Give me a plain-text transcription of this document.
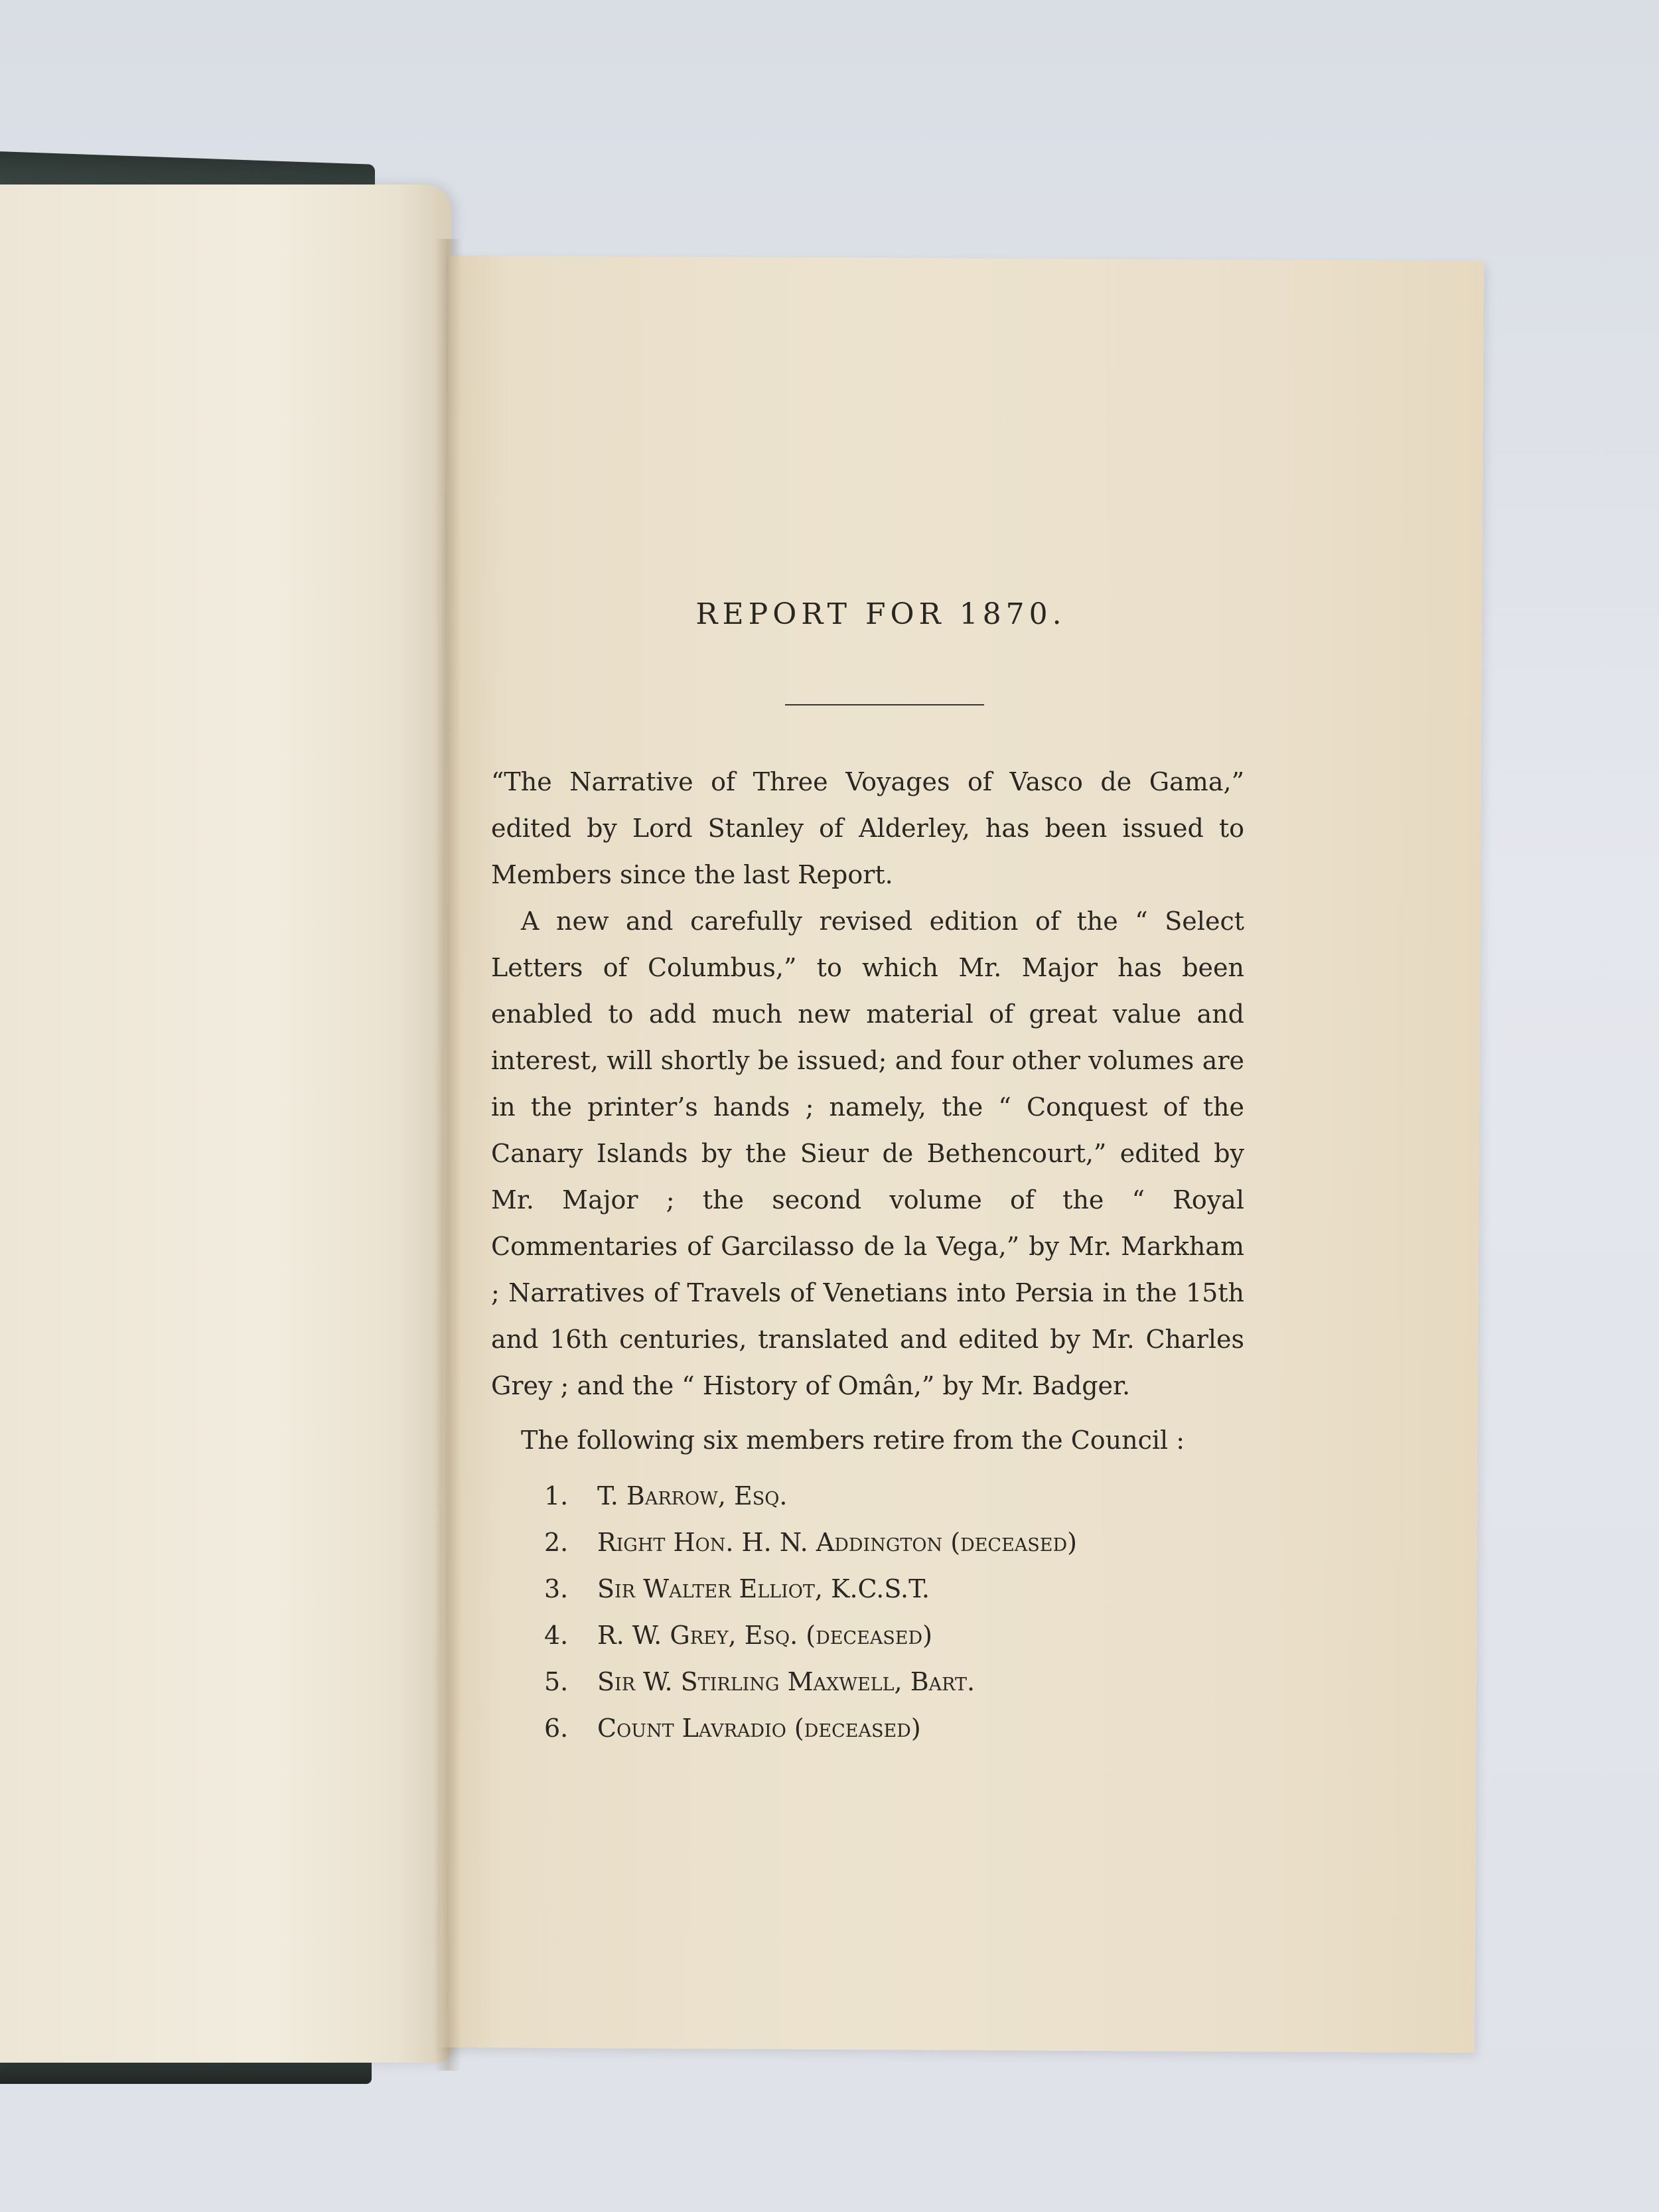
REPORT FOR 1870.

“The Narrative of Three Voyages of Vasco de Gama,” edited by Lord Stanley of Alderley, has been issued to Members since the last Report.

A new and carefully revised edition of the “ Select Letters of Columbus,” to which Mr. Major has been enabled to add much new material of great value and interest, will shortly be issued; and four other volumes are in the printer’s hands ; namely, the “ Conquest of the Canary Islands by the Sieur de Bethencourt,” edited by Mr. Major ; the second volume of the “ Royal Commentaries of Garcilasso de la Vega,” by Mr. Markham ; Narratives of Travels of Venetians into Persia in the 15th and 16th centuries, translated and edited by Mr. Charles Grey ; and the “ History of Omân,” by Mr. Badger.

The following six members retire from the Council :

1.	T. Barrow, Esq.
2.	Right Hon. H. N. Addington (deceased)
3.	Sir Walter Elliot, K.C.S.T.
4.	R. W. Grey, Esq. (deceased)
5.	Sir W. Stirling Maxwell, Bart.
6.	Count Lavradio (deceased)
